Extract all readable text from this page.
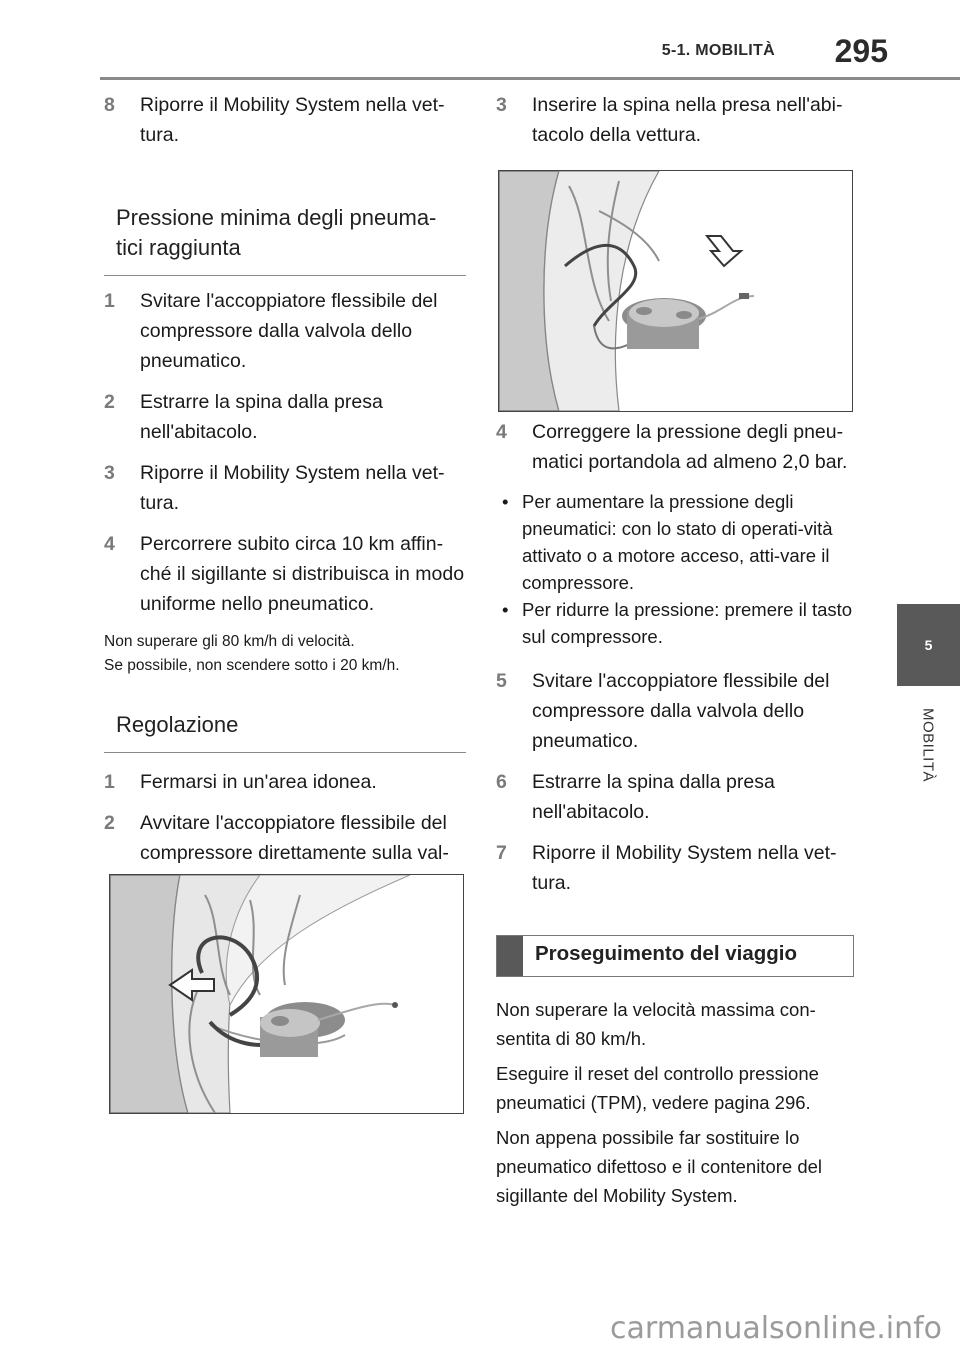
5-1. MOBILITÀ 295
5
MOBILITÀ
8 Riporre il Mobility System nella vet-tura.
Pressione minima degli pneuma-tici raggiunta
1 Svitare l'accoppiatore flessibile del compressore dalla valvola dello pneumatico.
2 Estrarre la spina dalla presa nell'abitacolo.
3 Riporre il Mobility System nella vet-tura.
4 Percorrere subito circa 10 km affin-ché il sigillante si distribuisca in modo uniforme nello pneumatico.

Non superare gli 80 km/h di velocità.

Se possibile, non scendere sotto i 20 km/h.

Regolazione
1 Fermarsi in un'area idonea.
2 Avvitare l'accoppiatore flessibile del compressore direttamente sulla val-
3 Inserire la spina nella presa nell'abi-tacolo della vettura.
4 Correggere la pressione degli pneu-matici portandola ad almeno 2,0 bar.

• Per aumentare la pressione degli pneumatici: con lo stato di operati-vità attivato o a motore acceso, atti-vare il compressore.

• Per ridurre la pressione: premere il tasto sul compressore.

5 Svitare l'accoppiatore flessibile del compressore dalla valvola dello pneumatico.
6 Estrarre la spina dalla presa nell'abitacolo.
7 Riporre il Mobility System nella vet-tura.
Proseguimento del viaggio

Non superare la velocità massima con-sentita di 80 km/h.

Eseguire il reset del controllo pressione pneumatici (TPM), vedere pagina 296.

Non appena possibile far sostituire lo pneumatico difettoso e il contenitore del sigillante del Mobility System.

carmanualsonline.info
